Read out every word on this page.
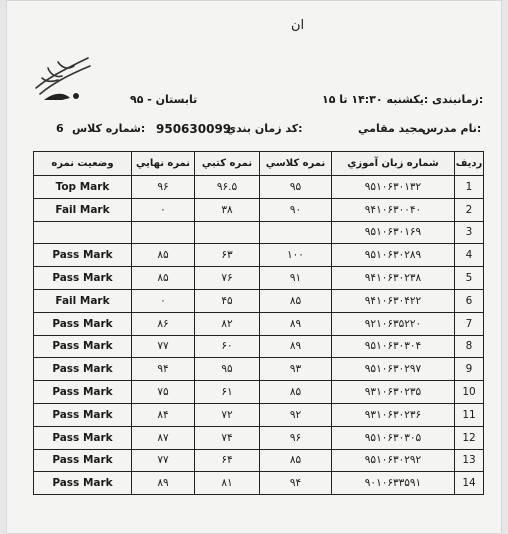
ان
تابستان - ۹۵	يكشنبه ۱۴:۳۰ تا ۱۵: زمانبندی:
6 شماره كلاس: 950630099
كد زمان بندي:	مجيد مقامي
نام مدرس:
رديف	شماره زبان آموزي	نمره كلاسي	نمره كتبي	نمره نهايي	وضعيت نمره
1	۹۵۱۰۶۳۰۱۳۲	۹۵	۹۶.۵	۹۶	Top Mark
2	۹۴۱۰۶۳۰۰۴۰	۹۰	۳۸	۰	Fail Mark
3	۹۵۱۰۶۳۰۱۶۹				
4	۹۵۱۰۶۳۰۲۸۹	۱۰۰	۶۳	۸۵	Pass Mark
5	۹۴۱۰۶۳۰۲۳۸	۹۱	۷۶	۸۵	Pass Mark
6	۹۴۱۰۶۳۰۴۲۲	۸۵	۴۵	۰	Fail Mark
7	۹۲۱۰۶۳۵۲۲۰	۸۹	۸۲	۸۶	Pass Mark
8	۹۵۱۰۶۳۰۳۰۴	۸۹	۶۰	۷۷	Pass Mark
9	۹۵۱۰۶۳۰۲۹۷	۹۳	۹۵	۹۴	Pass Mark
10	۹۳۱۰۶۳۰۲۳۵	۸۵	۶۱	۷۵	Pass Mark
11	۹۳۱۰۶۳۰۲۳۶	۹۲	۷۲	۸۴	Pass Mark
12	۹۵۱۰۶۳۰۳۰۵	۹۶	۷۴	۸۷	Pass Mark
13	۹۵۱۰۶۳۰۲۹۲	۸۵	۶۴	۷۷	Pass Mark
14	۹۰۱۰۶۳۳۵۹۱	۹۴	۸۱	۸۹	Pass Mark
